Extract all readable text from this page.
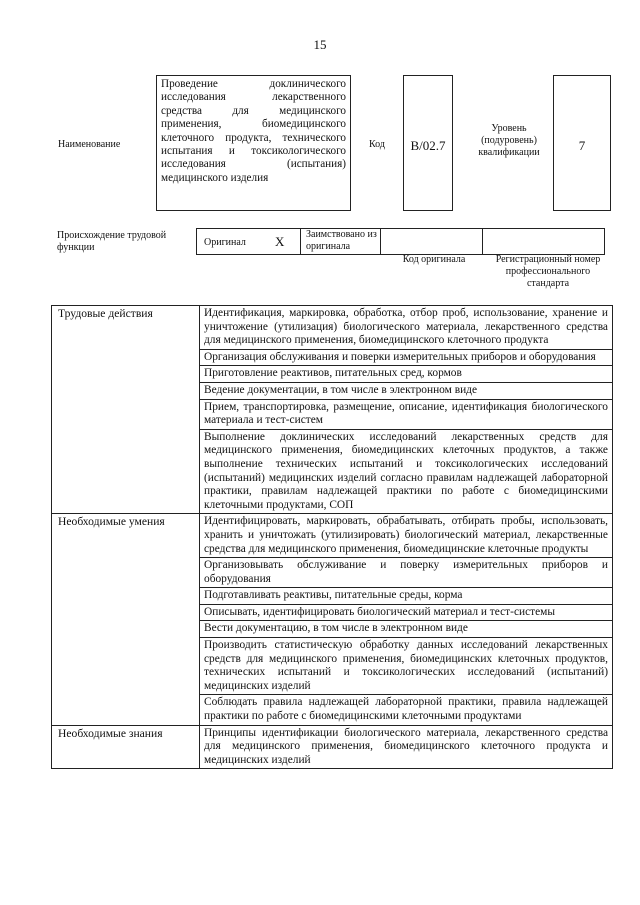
15
Наименование
Проведение доклинического исследования лекарственного средства для медицинского применения, биомедицинского клеточного продукта, технического испытания и токсикологического исследования (испытания) медицинского изделия
Код	B/02.7
Уровень (подуровень) квалификации	7
Происхождение трудовой функции	Оригинал X	Заимствовано из оригинала
Код оригинала	Регистрационный номер профессионального стандарта
Трудовые действия	Идентификация, маркировка, обработка, отбор проб, использование, хранение и уничтожение (утилизация) биологического материала, лекарственного средства для медицинского применения, биомедицинского клеточного продукта
	Организация обслуживания и поверки измерительных приборов и оборудования
	Приготовление реактивов, питательных сред, кормов
	Ведение документации, в том числе в электронном виде
	Прием, транспортировка, размещение, описание, идентификация биологического материала и тест-систем
	Выполнение доклинических исследований лекарственных средств для медицинского применения, биомедицинских клеточных продуктов, а также выполнение технических испытаний и токсикологических исследований (испытаний) медицинских изделий согласно правилам надлежащей лабораторной практики, правилам надлежащей практики по работе с биомедицинскими клеточными продуктами, СОП
Необходимые умения	Идентифицировать, маркировать, обрабатывать, отбирать пробы, использовать, хранить и уничтожать (утилизировать) биологический материал, лекарственные средства для медицинского применения, биомедицинские клеточные продукты
	Организовывать обслуживание и поверку измерительных приборов и оборудования
	Подготавливать реактивы, питательные среды, корма
	Описывать, идентифицировать биологический материал и тест-системы
	Вести документацию, в том числе в электронном виде
	Производить статистическую обработку данных исследований лекарственных средств для медицинского применения, биомедицинских клеточных продуктов, технических испытаний и токсикологических исследований (испытаний) медицинских изделий
	Соблюдать правила надлежащей лабораторной практики, правила надлежащей практики по работе с биомедицинскими клеточными продуктами
Необходимые знания	Принципы идентификации биологического материала, лекарственного средства для медицинского применения, биомедицинского клеточного продукта и медицинских изделий
